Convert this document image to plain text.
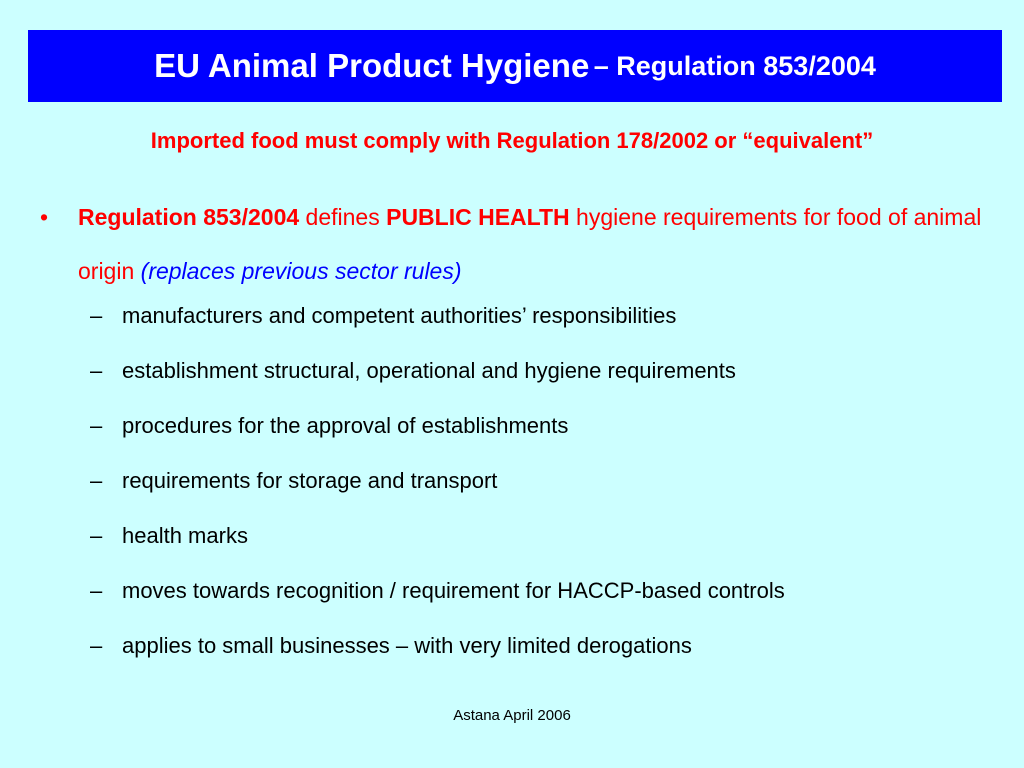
EU Animal Product Hygiene
– Regulation 853/2004
Imported food must comply with Regulation 178/2002 or “equivalent”
• Regulation 853/2004 defines PUBLIC HEALTH hygiene requirements for food of animal origin (replaces previous sector rules)
– manufacturers and competent authorities’ responsibilities
– establishment structural, operational and hygiene requirements
– procedures for the approval of establishments
– requirements for storage and transport
– health marks
– moves towards recognition / requirement for HACCP-based controls
– applies to small businesses – with very limited derogations
Astana April 2006
